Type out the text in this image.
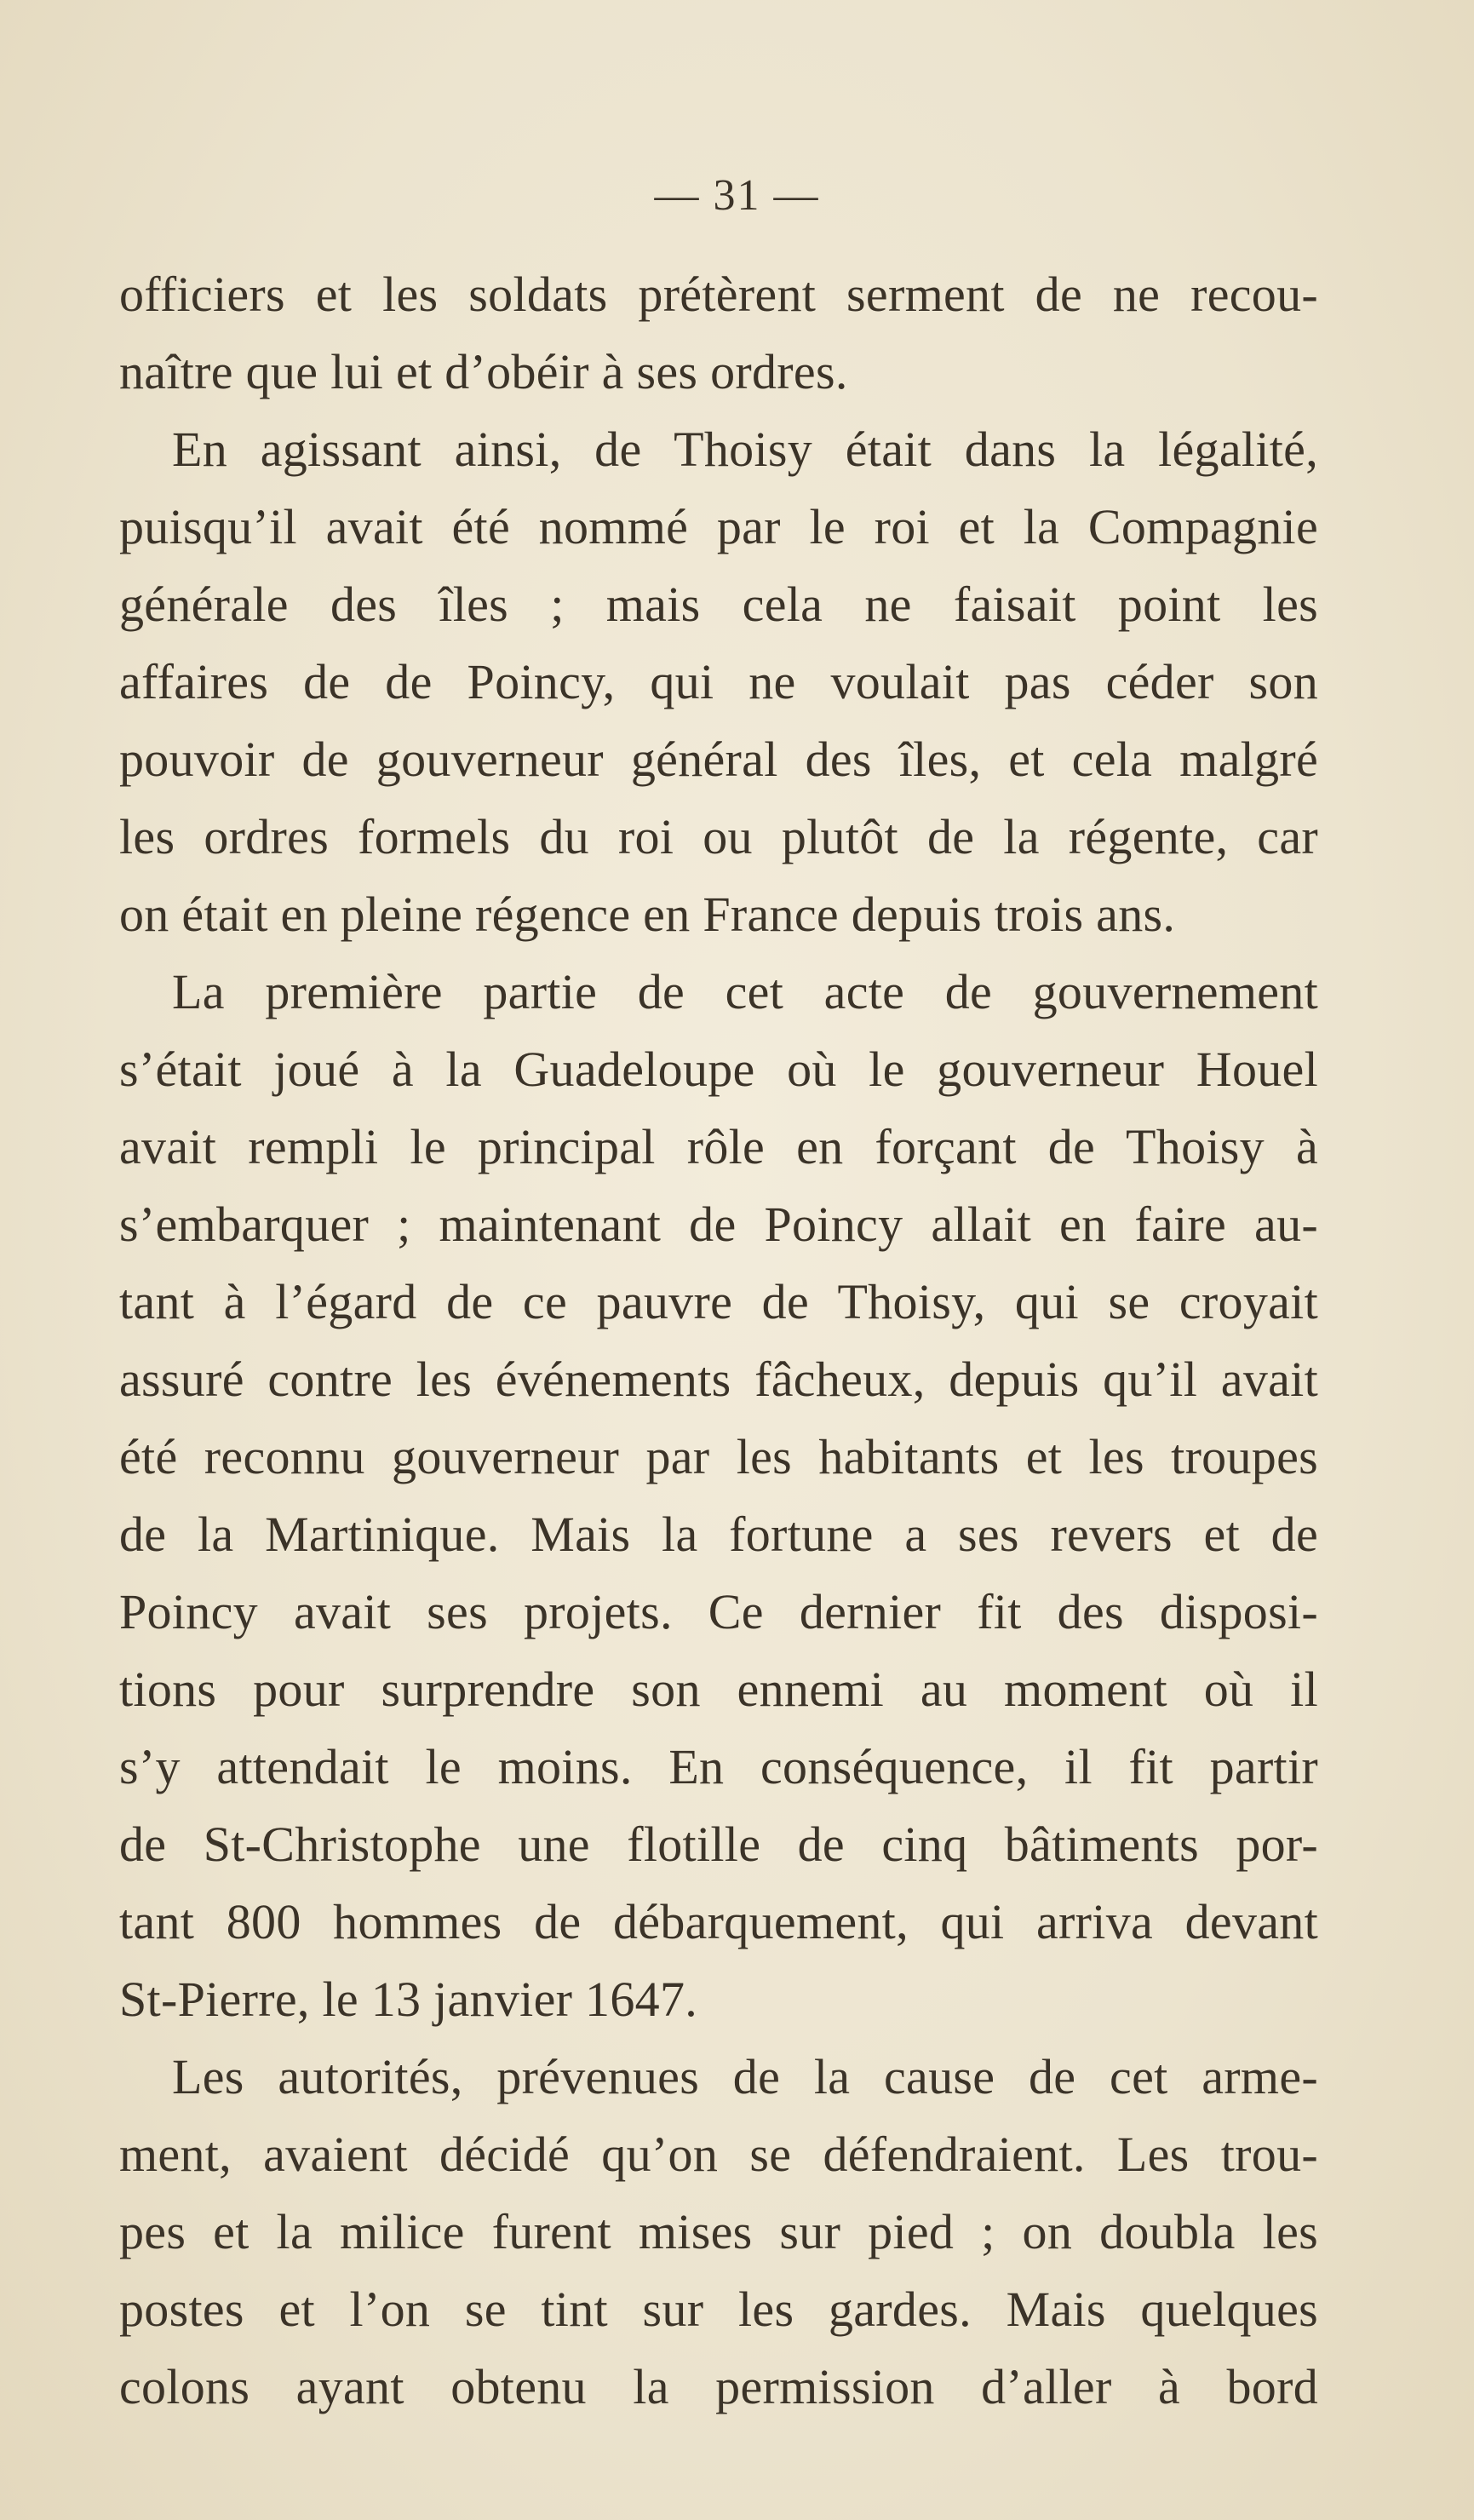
— 31 —
officiers et les soldats prétèrent serment de ne recou-
naître que lui et d’obéir à ses ordres.
En agissant ainsi, de Thoisy était dans la légalité,
puisqu’il avait été nommé par le roi et la Compagnie
générale des îles ; mais cela ne faisait point les
affaires de de Poincy, qui ne voulait pas céder son
pouvoir de gouverneur général des îles, et cela malgré
les ordres formels du roi ou plutôt de la régente, car
on était en pleine régence en France depuis trois ans.
La première partie de cet acte de gouvernement
s’était joué à la Guadeloupe où le gouverneur Houel
avait rempli le principal rôle en forçant de Thoisy à
s’embarquer ; maintenant de Poincy allait en faire au-
tant à l’égard de ce pauvre de Thoisy, qui se croyait
assuré contre les événements fâcheux, depuis qu’il avait
été reconnu gouverneur par les habitants et les troupes
de la Martinique. Mais la fortune a ses revers et de
Poincy avait ses projets. Ce dernier fit des disposi-
tions pour surprendre son ennemi au moment où il
s’y attendait le moins. En conséquence, il fit partir
de St-Christophe une flotille de cinq bâtiments por-
tant 800 hommes de débarquement, qui arriva devant
St-Pierre, le 13 janvier 1647.
Les autorités, prévenues de la cause de cet arme-
ment, avaient décidé qu’on se défendraient. Les trou-
pes et la milice furent mises sur pied ; on doubla les
postes et l’on se tint sur les gardes. Mais quelques
colons ayant obtenu la permission d’aller à bord
